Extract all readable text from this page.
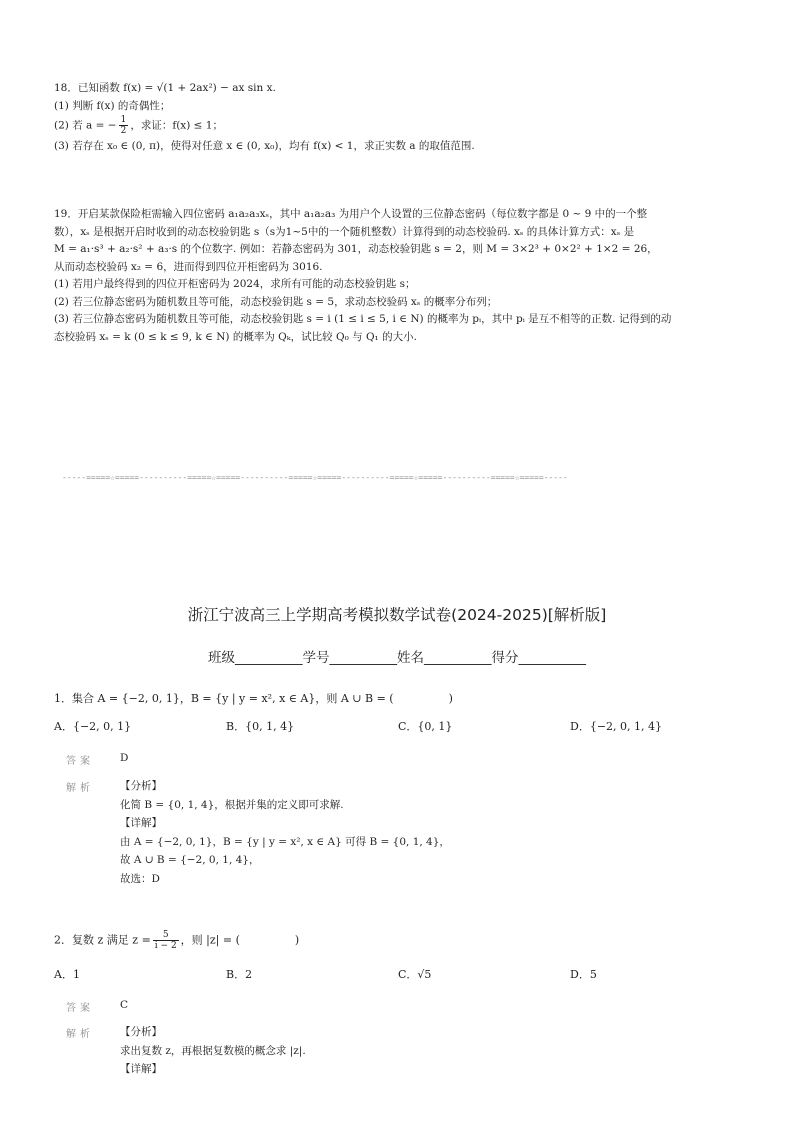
18．已知函数 f(x) = √(1 + 2ax²) − ax sin x.
(1) 判断 f(x) 的奇偶性；
(2) 若 a = − $\frac{1}{2}$ ，求证：f(x) ≤ 1；
(3) 若存在 x₀ ∈ (0, π)，使得对任意 x ∈ (0, x₀)，均有 f(x) < 1，求正实数 a 的取值范围.
19．开启某款保险柜需输入四位密码 a₁a₂a₃xₛ，其中 a₁a₂a₃ 为用户个人设置的三位静态密码（每位数字都是 0 ~ 9 中的一个整
数），xₛ 是根据开启时收到的动态校验钥匙 s（s为1~5中的一个随机整数）计算得到的动态校验码. xₛ 的具体计算方式：xₛ 是
M = a₁·s³ + a₂·s² + a₃·s 的个位数字. 例如：若静态密码为 301，动态校验钥匙 s = 2，则 M = 3×2³ + 0×2² + 1×2 = 26，
从而动态校验码 x₂ = 6，进而得到四位开柜密码为 3016.
(1) 若用户最终得到的四位开柜密码为 2024，求所有可能的动态校验钥匙 s；
(2) 若三位静态密码为随机数且等可能，动态校验钥匙 s = 5，求动态校验码 xₛ 的概率分布列；
(3) 若三位静态密码为随机数且等可能，动态校验钥匙 s = i (1 ≤ i ≤ 5, i ∈ N) 的概率为 pᵢ，其中 pᵢ 是互不相等的正数. 记得到的动
态校验码 xₛ = k (0 ≤ k ≤ 9, k ∈ N) 的概率为 Qₖ，试比较 Q₀ 与 Q₁ 的大小.
-----=====☆=====----------=====☆=====----------=====☆=====----------=====☆=====----------=====☆=====-----
浙江宁波高三上学期高考模拟数学试卷(2024-2025)[解析版]
班级__________学号__________姓名__________得分__________
1．集合 A = {−2, 0, 1}，B = {y | y = x², x ∈ A}，则 A ∪ B = (　　　　　)
A．{−2, 0, 1}	B．{0, 1, 4}	C．{0, 1}	D．{−2, 0, 1, 4}
答案 D
解析 【分析】
化简 B = {0, 1, 4}，根据并集的定义即可求解.
【详解】
由 A = {−2, 0, 1}，B = {y | y = x², x ∈ A} 可得 B = {0, 1, 4}，
故 A ∪ B = {−2, 0, 1, 4}，
故选：D
2．复数 z 满足 $z = \frac{5}{i - 2}$ ，则 |z| = (　　　　　)
A．1	B．2	C．√5	D．5
答案 C
解析 【分析】
求出复数 z，再根据复数模的概念求 |z|.
【详解】
